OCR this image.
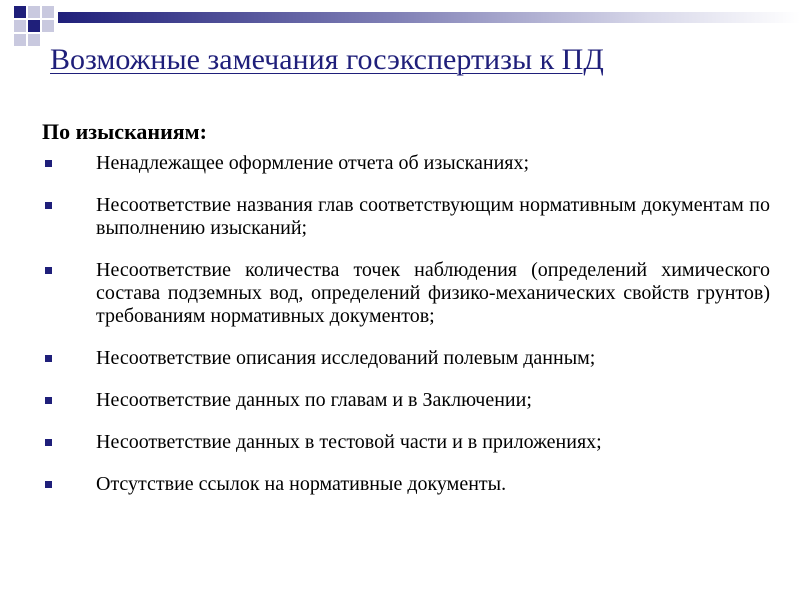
Возможные замечания госэкспертизы к ПД
По изысканиям:
Ненадлежащее оформление отчета об изысканиях;
Несоответствие названия глав соответствующим нормативным документам по выполнению изысканий;
Несоответствие количества точек наблюдения (определений химического состава подземных вод, определений физико-механических свойств грунтов) требованиям нормативных документов;
Несоответствие описания исследований полевым данным;
Несоответствие данных по главам и в Заключении;
Несоответствие данных в тестовой части и в приложениях;
Отсутствие ссылок на нормативные документы.
